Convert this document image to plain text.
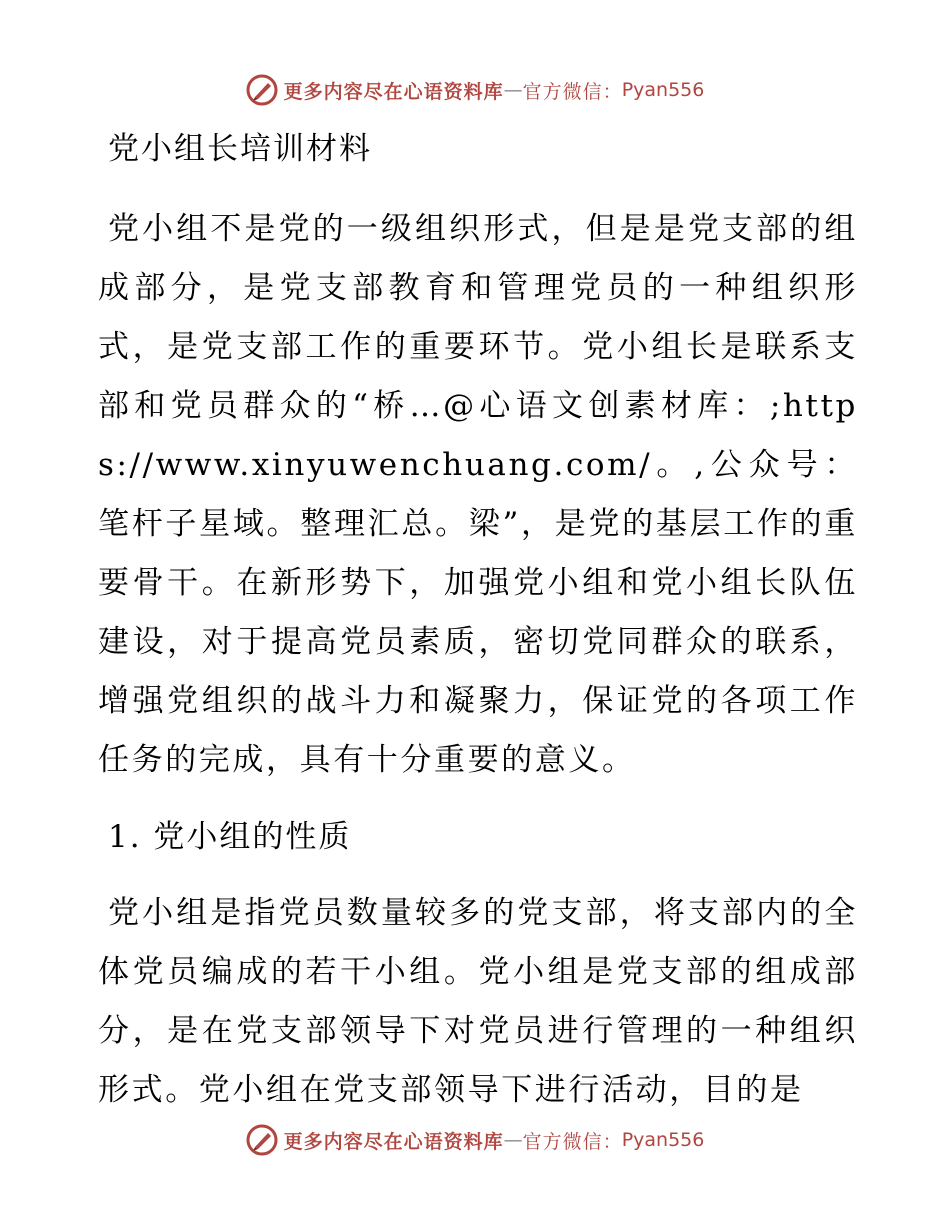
更多内容尽在心语资料库 — 官方微信 ： Pyan556
党小组长培训材料

党小组不是党的一级组织形式，但是是党支部的组成部分，是党支部教育和管理党员的一种组织形式，是党支部工作的重要环节。党小组长是联系支部和党员群众的“桥…@心语文创素材库：;https://www.xinyuwenchuang.com/。,公众号：笔杆子星域。整理汇总。梁”，是党的基层工作的重要骨干。在新形势下，加强党小组和党小组长队伍建设，对于提高党员素质，密切党同群众的联系，增强党组织的战斗力和凝聚力，保证党的各项工作任务的完成，具有十分重要的意义。

1. 党小组的性质

党小组是指党员数量较多的党支部，将支部内的全体党员编成的若干小组。党小组是党支部的组成部分，是在党支部领导下对党员进行管理的一种组织形式。党小组在党支部领导下进行活动，目的是

更多内容尽在心语资料库 — 官方微信 ： Pyan556
